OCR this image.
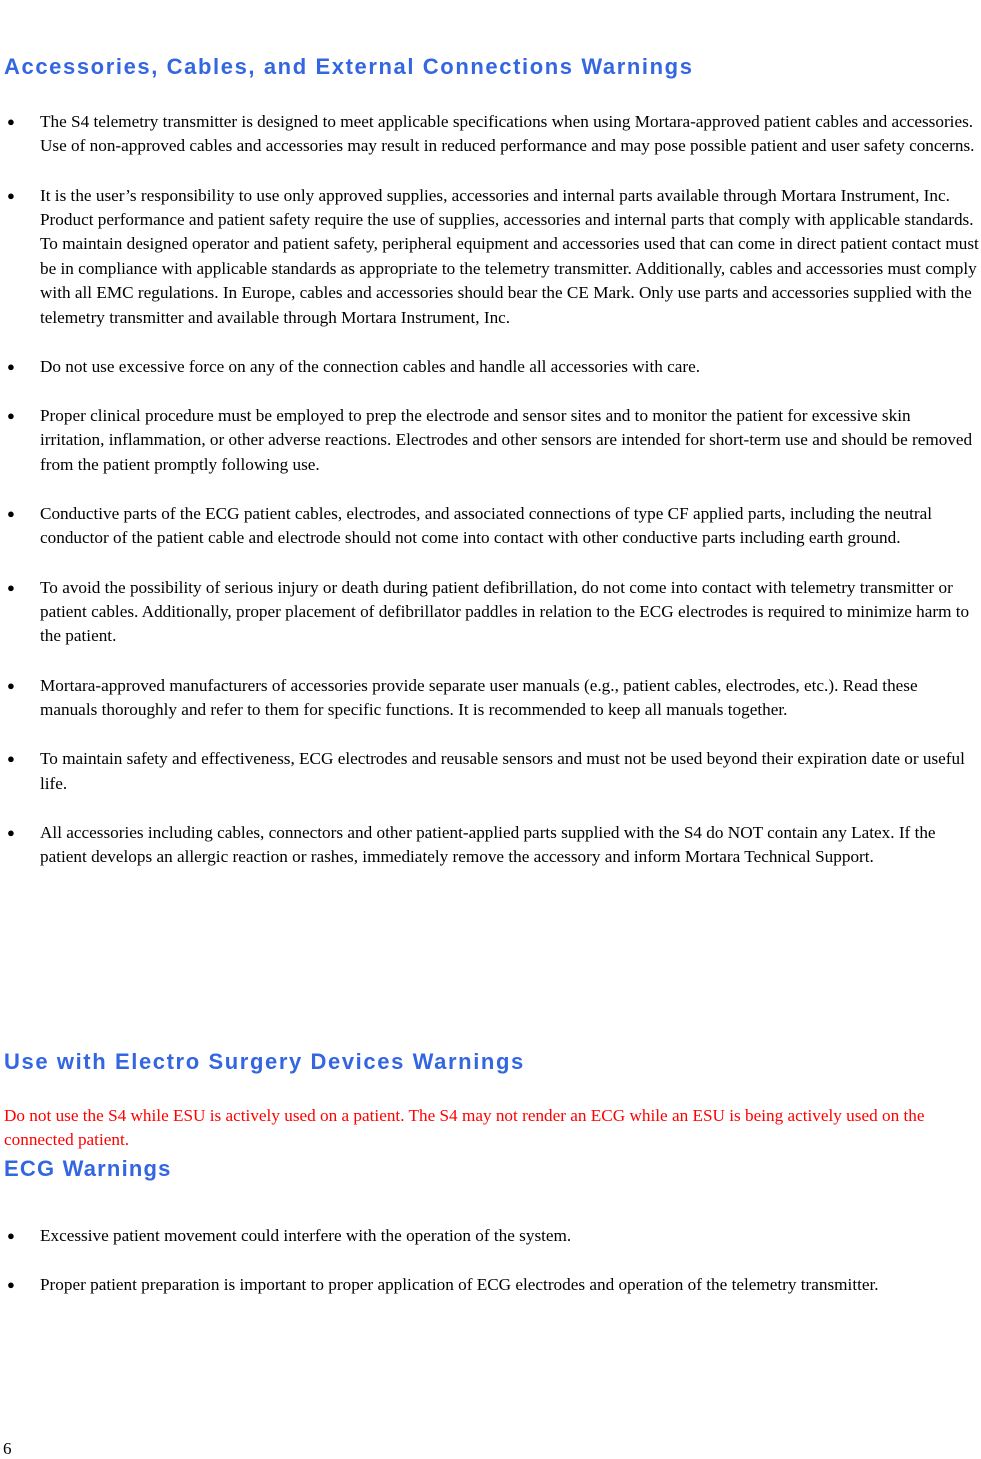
Accessories, Cables, and External Connections Warnings
● The S4 telemetry transmitter is designed to meet applicable specifications when using Mortara-approved patient cables and accessories. Use of non-approved cables and accessories may result in reduced performance and may pose possible patient and user safety concerns.
● It is the user’s responsibility to use only approved supplies, accessories and internal parts available through Mortara Instrument, Inc. Product performance and patient safety require the use of supplies, accessories and internal parts that comply with applicable standards. To maintain designed operator and patient safety, peripheral equipment and accessories used that can come in direct patient contact must be in compliance with applicable standards as appropriate to the telemetry transmitter. Additionally, cables and accessories must comply with all EMC regulations. In Europe, cables and accessories should bear the CE Mark. Only use parts and accessories supplied with the telemetry transmitter and available through Mortara Instrument, Inc.
● Do not use excessive force on any of the connection cables and handle all accessories with care.
● Proper clinical procedure must be employed to prep the electrode and sensor sites and to monitor the patient for excessive skin irritation, inflammation, or other adverse reactions. Electrodes and other sensors are intended for short-term use and should be removed from the patient promptly following use.
● Conductive parts of the ECG patient cables, electrodes, and associated connections of type CF applied parts, including the neutral conductor of the patient cable and electrode should not come into contact with other conductive parts including earth ground.
● To avoid the possibility of serious injury or death during patient defibrillation, do not come into contact with telemetry transmitter or patient cables. Additionally, proper placement of defibrillator paddles in relation to the ECG electrodes is required to minimize harm to the patient.
● Mortara-approved manufacturers of accessories provide separate user manuals (e.g., patient cables, electrodes, etc.). Read these manuals thoroughly and refer to them for specific functions. It is recommended to keep all manuals together.
● To maintain safety and effectiveness, ECG electrodes and reusable sensors and must not be used beyond their expiration date or useful life.
● All accessories including cables, connectors and other patient-applied parts supplied with the S4 do NOT contain any Latex. If the patient develops an allergic reaction or rashes, immediately remove the accessory and inform Mortara Technical Support.
Use with Electro Surgery Devices Warnings

Do not use the S4 while ESU is actively used on a patient. The S4 may not render an ECG while an ESU is being actively used on the connected patient.

ECG Warnings
● Excessive patient movement could interfere with the operation of the system.
● Proper patient preparation is important to proper application of ECG electrodes and operation of the telemetry transmitter.
6
